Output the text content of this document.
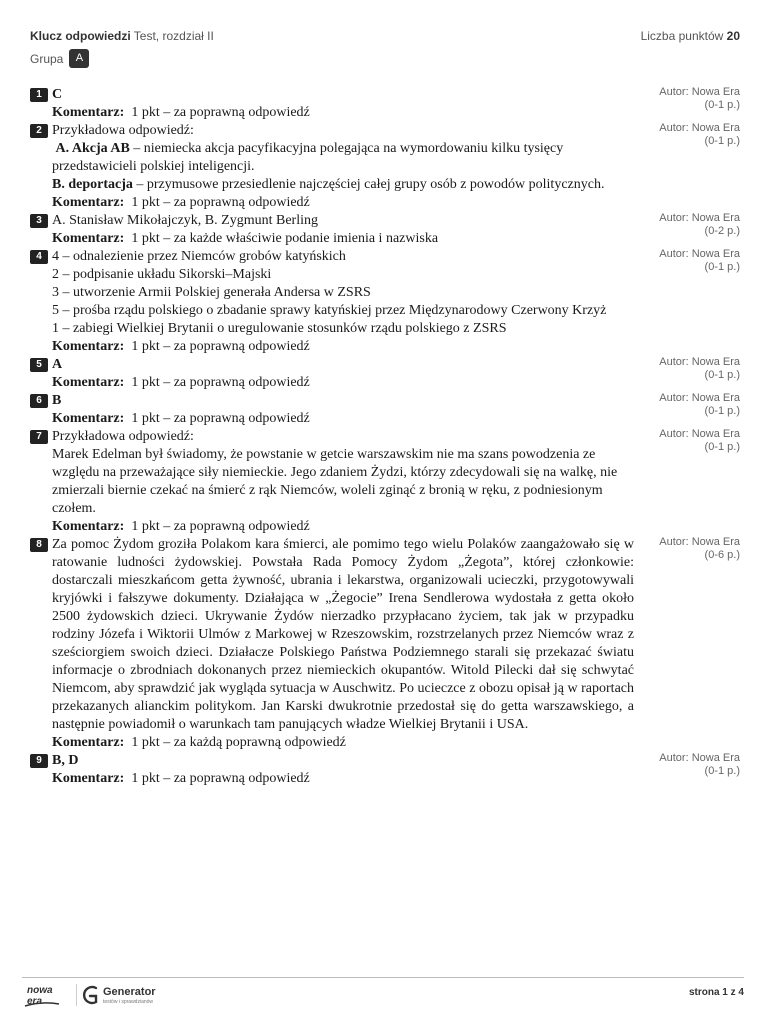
Klucz odpowiedzi Test, rozdział II	Liczba punktów 20
Grupa	A
1	Autor: Nowa Era
(0-1 p.)

C

Komentarz: 1 pkt – za poprawną odpowiedź

2	Autor: Nowa Era
(0-1 p.)

Przykładowa odpowiedź:

A. Akcja AB – niemiecka akcja pacyfikacyjna polegająca na wymordowaniu kilku tysięcy przedstawicieli polskiej inteligencji.

B. deportacja – przymusowe przesiedlenie najczęściej całej grupy osób z powodów politycznych.

Komentarz: 1 pkt – za poprawną odpowiedź

3	Autor: Nowa Era
(0-2 p.)

A. Stanisław Mikołajczyk, B. Zygmunt Berling

Komentarz: 1 pkt – za każde właściwie podanie imienia i nazwiska

4	Autor: Nowa Era
(0-1 p.)

4 – odnalezienie przez Niemców grobów katyńskich

2 – podpisanie układu Sikorski–Majski

3 – utworzenie Armii Polskiej generała Andersa w ZSRS

5 – prośba rządu polskiego o zbadanie sprawy katyńskiej przez Międzynarodowy Czerwony Krzyż

1 – zabiegi Wielkiej Brytanii o uregulowanie stosunków rządu polskiego z ZSRS

Komentarz: 1 pkt – za poprawną odpowiedź

5	Autor: Nowa Era
(0-1 p.)

A

Komentarz: 1 pkt – za poprawną odpowiedź

6	Autor: Nowa Era
(0-1 p.)

B

Komentarz: 1 pkt – za poprawną odpowiedź

7	Autor: Nowa Era
(0-1 p.)

Przykładowa odpowiedź:

Marek Edelman był świadomy, że powstanie w getcie warszawskim nie ma szans powodzenia ze względu na przeważające siły niemieckie. Jego zdaniem Żydzi, którzy zdecydowali się na walkę, nie zmierzali biernie czekać na śmierć z rąk Niemców, woleli zginąć z bronią w ręku, z podniesionym czołem.

Komentarz: 1 pkt – za poprawną odpowiedź

8	Autor: Nowa Era
(0-6 p.)

Za pomoc Żydom groziła Polakom kara śmierci, ale pomimo tego wielu Polaków zaangażowało się w ratowanie ludności żydowskiej. Powstała Rada Pomocy Żydom „Żegota”, której członkowie: dostarczali mieszkańcom getta żywność, ubrania i lekarstwa, organizowali ucieczki, przygotowywali kryjówki i fałszywe dokumenty. Działająca w „Żegocie” Irena Sendlerowa wydostała z getta około 2500 żydowskich dzieci. Ukrywanie Żydów nierzadko przypłacano życiem, tak jak w przypadku rodziny Józefa i Wiktorii Ulmów z Markowej w Rzeszowskim, rozstrzelanych przez Niemców wraz z sześciorgiem swoich dzieci. Działacze Polskiego Państwa Podziemnego starali się przekazać światu informacje o zbrodniach dokonanych przez niemieckich okupantów. Witold Pilecki dał się schwytać Niemcom, aby sprawdzić jak wygląda sytuacja w Auschwitz. Po ucieczce z obozu opisał ją w raportach przekazanych alianckim politykom. Jan Karski dwukrotnie przedostał się do getta warszawskiego, a następnie powiadomił o warunkach tam panujących władze Wielkiej Brytanii i USA.

Komentarz: 1 pkt – za każdą poprawną odpowiedź

9	Autor: Nowa Era
(0-1 p.)

B, D

Komentarz: 1 pkt – za poprawną odpowiedź

nowa
era
Generator
testów i sprawdzianów
strona 1 z 4
